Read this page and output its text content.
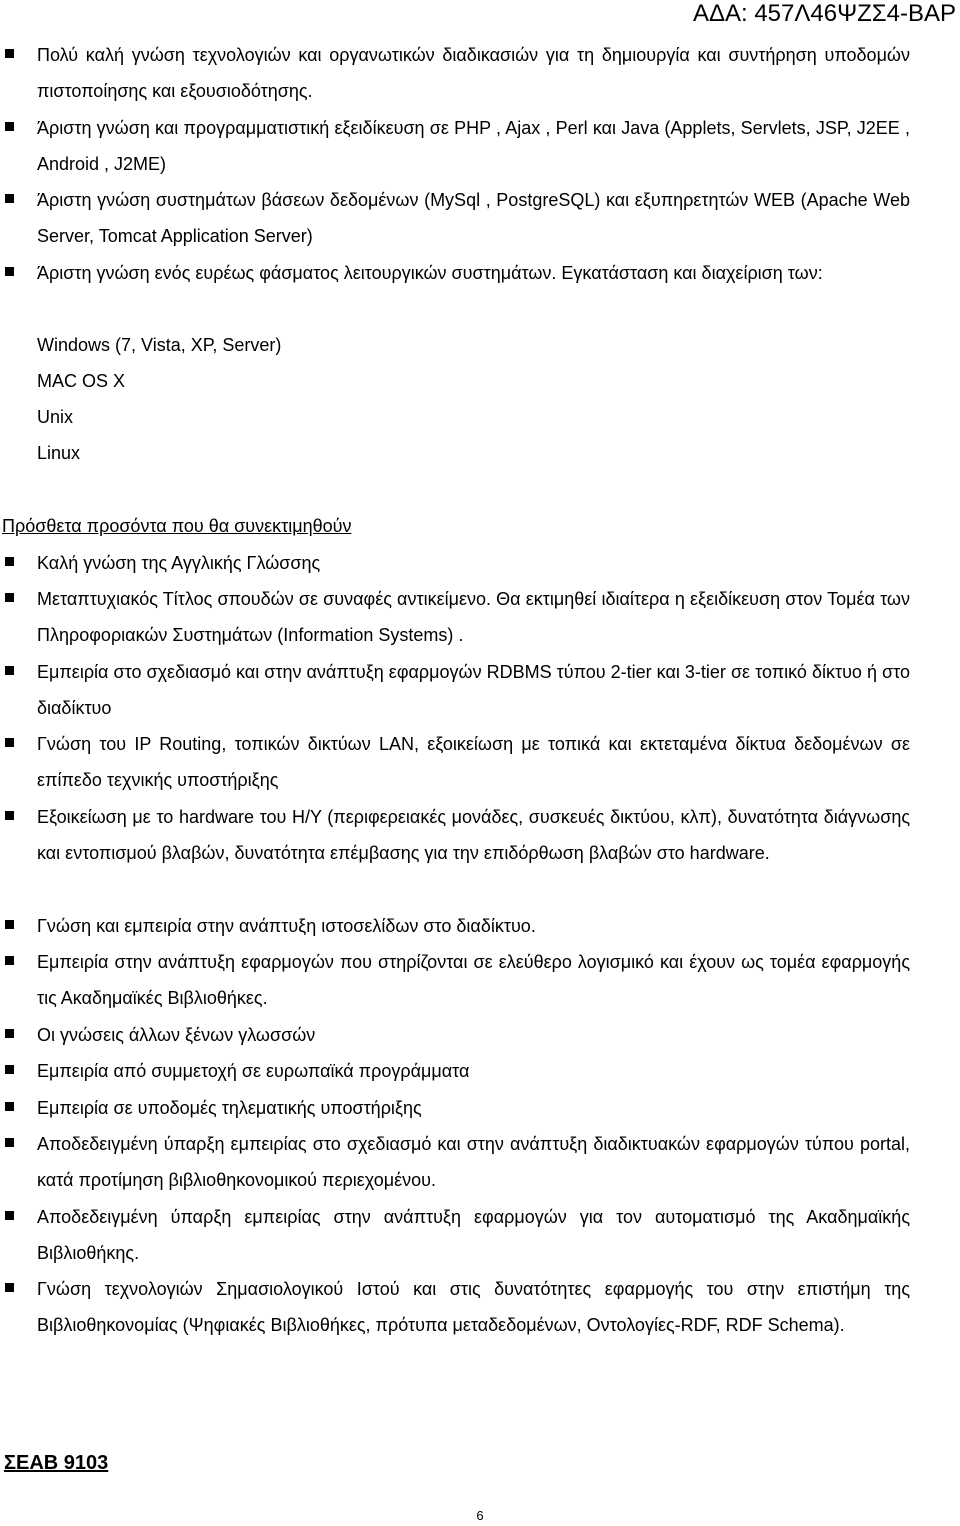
ΑΔΑ: 457Λ46ΨΖΣ4-ΒΑΡ
Πολύ καλή γνώση τεχνολογιών και οργανωτικών διαδικασιών για τη δημιουργία και συντήρηση υποδομών πιστοποίησης και εξουσιοδότησης.
Άριστη γνώση και προγραμματιστική εξειδίκευση σε PHP , Ajax , Perl και Java (Applets, Servlets, JSP, J2EE , Android , J2ME)
Άριστη γνώση συστημάτων βάσεων δεδομένων (MySql , PostgreSQL) και εξυπηρετητών WEB (Apache Web Server, Tomcat Application Server)
Άριστη γνώση ενός ευρέως φάσματος λειτουργικών συστημάτων. Εγκατάσταση και διαχείριση των:
Windows (7, Vista, XP, Server)
MAC OS X
Unix
Linux
Πρόσθετα προσόντα που θα συνεκτιμηθούν
Καλή γνώση της Αγγλικής Γλώσσης
Μεταπτυχιακός Τίτλος σπουδών σε συναφές αντικείμενο. Θα εκτιμηθεί ιδιαίτερα η εξειδίκευση στον Τομέα των Πληροφοριακών Συστημάτων (Information Systems) .
Εμπειρία στο σχεδιασμό και στην ανάπτυξη εφαρμογών RDBMS τύπου 2-tier και 3-tier σε τοπικό δίκτυο ή στο διαδίκτυο
Γνώση του IP Routing, τοπικών δικτύων LAN, εξοικείωση με τοπικά και εκτεταμένα δίκτυα δεδομένων σε επίπεδο τεχνικής υποστήριξης
Εξοικείωση με το hardware του Η/Υ (περιφερειακές μονάδες, συσκευές δικτύου, κλπ), δυνατότητα διάγνωσης και εντοπισμού βλαβών, δυνατότητα επέμβασης για την επιδόρθωση βλαβών στο hardware.
Γνώση και εμπειρία στην ανάπτυξη ιστοσελίδων στο διαδίκτυο.
Εμπειρία στην ανάπτυξη εφαρμογών που στηρίζονται σε ελεύθερο λογισμικό και έχουν ως τομέα εφαρμογής τις Ακαδημαϊκές Βιβλιοθήκες.
Οι γνώσεις άλλων ξένων γλωσσών
Εμπειρία από συμμετοχή σε ευρωπαϊκά προγράμματα
Εμπειρία σε υποδομές τηλεματικής υποστήριξης
Αποδεδειγμένη ύπαρξη εμπειρίας στο σχεδιασμό και στην ανάπτυξη διαδικτυακών εφαρμογών τύπου portal, κατά προτίμηση βιβλιοθηκονομικού περιεχομένου.
Αποδεδειγμένη ύπαρξη εμπειρίας στην ανάπτυξη εφαρμογών για τον αυτοματισμό της Ακαδημαϊκής Βιβλιοθήκης.
Γνώση τεχνολογιών Σημασιολογικού Ιστού και στις δυνατότητες εφαρμογής του στην επιστήμη της Βιβλιοθηκονομίας (Ψηφιακές Βιβλιοθήκες, πρότυπα μεταδεδομένων, Οντολογίες-RDF, RDF Schema).
ΣΕΑΒ 9103
6
